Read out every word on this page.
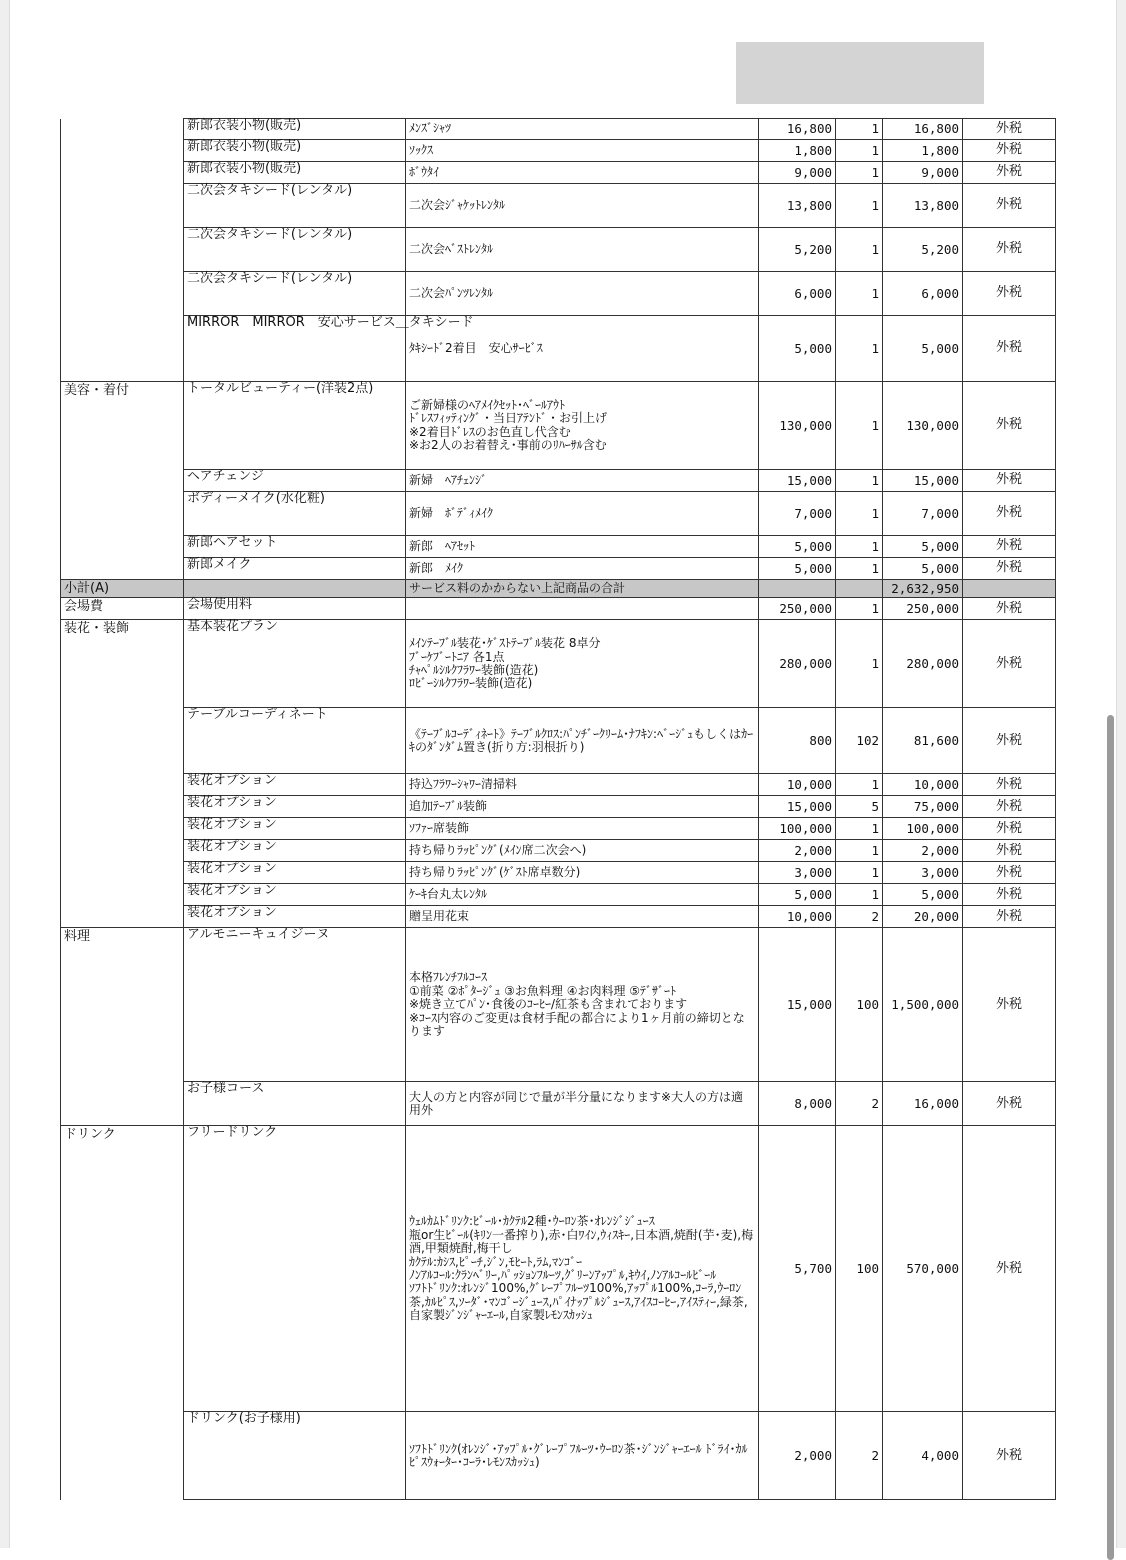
	新郎衣装小物(販売)	ﾒﾝｽﾞｼｬﾂ	16,800	1	16,800	外税
	新郎衣装小物(販売)	ｿｯｸｽ	1,800	1	1,800	外税
	新郎衣装小物(販売)	ﾎﾞｳﾀｲ	9,000	1	9,000	外税
	二次会タキシード(レンタル)	二次会ｼﾞｬｹｯﾄﾚﾝﾀﾙ	13,800	1	13,800	外税
	二次会タキシード(レンタル)	二次会ﾍﾞｽﾄﾚﾝﾀﾙ	5,200	1	5,200	外税
	二次会タキシード(レンタル)	二次会ﾊﾟﾝﾂﾚﾝﾀﾙ	6,000	1	6,000	外税
	MIRROR　MIRROR　安心サービス＿タキシード	ﾀｷｼｰﾄﾞ2着目　安心ｻｰﾋﾞｽ	5,000	1	5,000	外税
美容・着付	トータルビューティー(洋装2点)	ご新婦様のﾍｱﾒｲｸｾｯﾄ･ﾍﾞｰﾙｱｳﾄ
ﾄﾞﾚｽﾌｨｯﾃｨﾝｸﾞ・当日ｱﾃﾝﾄﾞ・お引上げ
※2着目ﾄﾞﾚｽのお色直し代含む
※お2人のお着替え･事前のﾘﾊｰｻﾙ含む	130,000	1	130,000	外税
	ヘアチェンジ	新婦　ﾍｱﾁｪﾝｼﾞ	15,000	1	15,000	外税
	ボディーメイク(水化粧)	新婦　ﾎﾞﾃﾞｨﾒｲｸ	7,000	1	7,000	外税
	新郎ヘアセット	新郎　ﾍｱｾｯﾄ	5,000	1	5,000	外税
	新郎メイク	新郎　ﾒｲｸ	5,000	1	5,000	外税
小計(A)		サービス料のかからない上記商品の合計			2,632,950	
会場費	会場使用料		250,000	1	250,000	外税
装花・装飾	基本装花プラン	ﾒｲﾝﾃｰﾌﾞﾙ装花･ｹﾞｽﾄﾃｰﾌﾞﾙ装花 8卓分
ﾌﾞｰｹﾌﾞｰﾄﾆｱ 各1点
ﾁｬﾍﾟﾙｼﾙｸﾌﾗﾜｰ装飾(造花)
ﾛﾋﾞｰｼﾙｸﾌﾗﾜｰ装飾(造花)	280,000	1	280,000	外税
	テーブルコーディネート	《ﾃｰﾌﾞﾙｺｰﾃﾞｨﾈｰﾄ》ﾃｰﾌﾞﾙｸﾛｽ:ﾊﾟﾝﾁﾞｰｸﾘｰﾑ･ﾅﾌｷﾝ:ﾍﾞｰｼﾞｭもしくはｶｰｷのﾀﾞﾝﾀﾞﾑ置き(折り方:羽根折り)	800	102	81,600	外税
	装花オプション	持込ﾌﾗﾜｰｼｬﾜｰ清掃料	10,000	1	10,000	外税
	装花オプション	追加ﾃｰﾌﾞﾙ装飾	15,000	5	75,000	外税
	装花オプション	ｿﾌｧｰ席装飾	100,000	1	100,000	外税
	装花オプション	持ち帰りﾗｯﾋﾟﾝｸﾞ(ﾒｲﾝ席二次会へ)	2,000	1	2,000	外税
	装花オプション	持ち帰りﾗｯﾋﾟﾝｸﾞ(ｹﾞｽﾄ席卓数分)	3,000	1	3,000	外税
	装花オプション	ｹｰｷ台丸太ﾚﾝﾀﾙ	5,000	1	5,000	外税
	装花オプション	贈呈用花束	10,000	2	20,000	外税
料理	アルモニーキュイジーヌ	本格ﾌﾚﾝﾁﾌﾙｺｰｽ
①前菜 ②ﾎﾟﾀｰｼﾞｭ ③お魚料理 ④お肉料理 ⑤ﾃﾞｻﾞｰﾄ
※焼き立てﾊﾟﾝ･食後のｺｰﾋｰ/紅茶も含まれております
※ｺｰｽ内容のご変更は食材手配の都合により1ヶ月前の締切となります	15,000	100	1,500,000	外税
	お子様コース	大人の方と内容が同じで量が半分量になります※大人の方は適用外	8,000	2	16,000	外税
ドリンク	フリードリンク	ｳｪﾙｶﾑﾄﾞﾘﾝｸ:ﾋﾞｰﾙ･ｶｸﾃﾙ2種･ｳｰﾛﾝ茶･ｵﾚﾝｼﾞｼﾞｭｰｽ
瓶or生ﾋﾞｰﾙ(ｷﾘﾝ一番搾り),赤･白ﾜｲﾝ,ｳｨｽｷｰ,日本酒,焼酎(芋･麦),梅酒,甲類焼酎,梅干し
ｶｸﾃﾙ:ｶｼｽ,ﾋﾟｰﾁ,ｼﾞﾝ,ﾓﾋｰﾄ,ﾗﾑ,ﾏﾝｺﾞｰ
ﾉﾝｱﾙｺｰﾙ:ｸﾗﾝﾍﾞﾘｰ,ﾊﾟｯｼｮﾝﾌﾙｰﾂ,ｸﾞﾘｰﾝｱｯﾌﾟﾙ,ｷｳｲ,ﾉﾝｱﾙｺｰﾙﾋﾞｰﾙ
ｿﾌﾄﾄﾞﾘﾝｸ:ｵﾚﾝｼﾞ100%,ｸﾞﾚｰﾌﾟﾌﾙｰﾂ100%,ｱｯﾌﾟﾙ100%,ｺｰﾗ,ｳｰﾛﾝ茶,ｶﾙﾋﾟｽ,ｿｰﾀﾞ･ﾏﾝｺﾞｰｼﾞｭｰｽ,ﾊﾟｲﾅｯﾌﾟﾙｼﾞｭｰｽ,ｱｲｽｺｰﾋｰ,ｱｲｽﾃｨｰ,緑茶,自家製ｼﾞﾝｼﾞｬｰｴｰﾙ,自家製ﾚﾓﾝｽｶｯｼｭ	5,700	100	570,000	外税
	ドリンク(お子様用)	ｿﾌﾄﾄﾞﾘﾝｸ(ｵﾚﾝｼﾞ･ｱｯﾌﾟﾙ･ｸﾞﾚｰﾌﾟﾌﾙｰﾂ･ｳｰﾛﾝ茶･ｼﾞﾝｼﾞｬｰｴｰﾙ ﾄﾞﾗｲ･ｶﾙﾋﾟｽｳｫｰﾀｰ･ｺｰﾗ･ﾚﾓﾝｽｶｯｼｭ)	2,000	2	4,000	外税
